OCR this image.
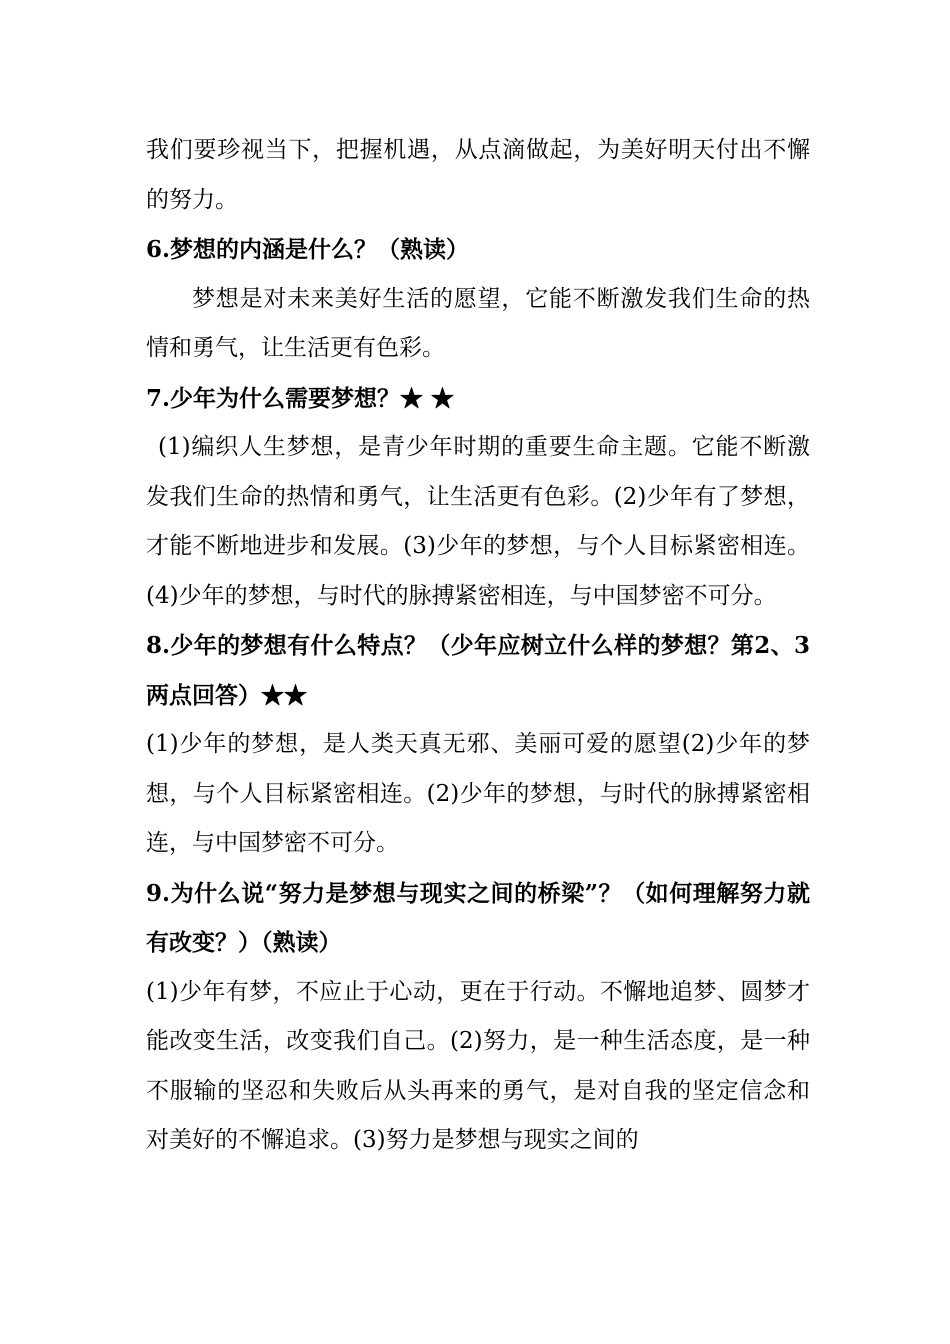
我们要珍视当下，把握机遇，从点滴做起，为美好明天付出不懈的努力。

6.梦想的内涵是什么？（熟读）

梦想是对未来美好生活的愿望，它能不断激发我们生命的热情和勇气，让生活更有色彩。

7.少年为什么需要梦想？★ ★

(1)编织人生梦想，是青少年时期的重要生命主题。它能不断激发我们生命的热情和勇气，让生活更有色彩。(2)少年有了梦想，才能不断地进步和发展。(3)少年的梦想，与个人目标紧密相连。(4)少年的梦想，与时代的脉搏紧密相连，与中国梦密不可分。

8.少年的梦想有什么特点？（少年应树立什么样的梦想？第2、3两点回答）★★

(1)少年的梦想，是人类天真无邪、美丽可爱的愿望(2)少年的梦想，与个人目标紧密相连。(2)少年的梦想，与时代的脉搏紧密相连，与中国梦密不可分。

9.为什么说“努力是梦想与现实之间的桥梁”？（如何理解努力就有改变？）（熟读）

(1)少年有梦，不应止于心动，更在于行动。不懈地追梦、圆梦才能改变生活，改变我们自己。(2)努力，是一种生活态度，是一种不服输的坚忍和失败后从头再来的勇气，是对自我的坚定信念和对美好的不懈追求。(3)努力是梦想与现实之间的
